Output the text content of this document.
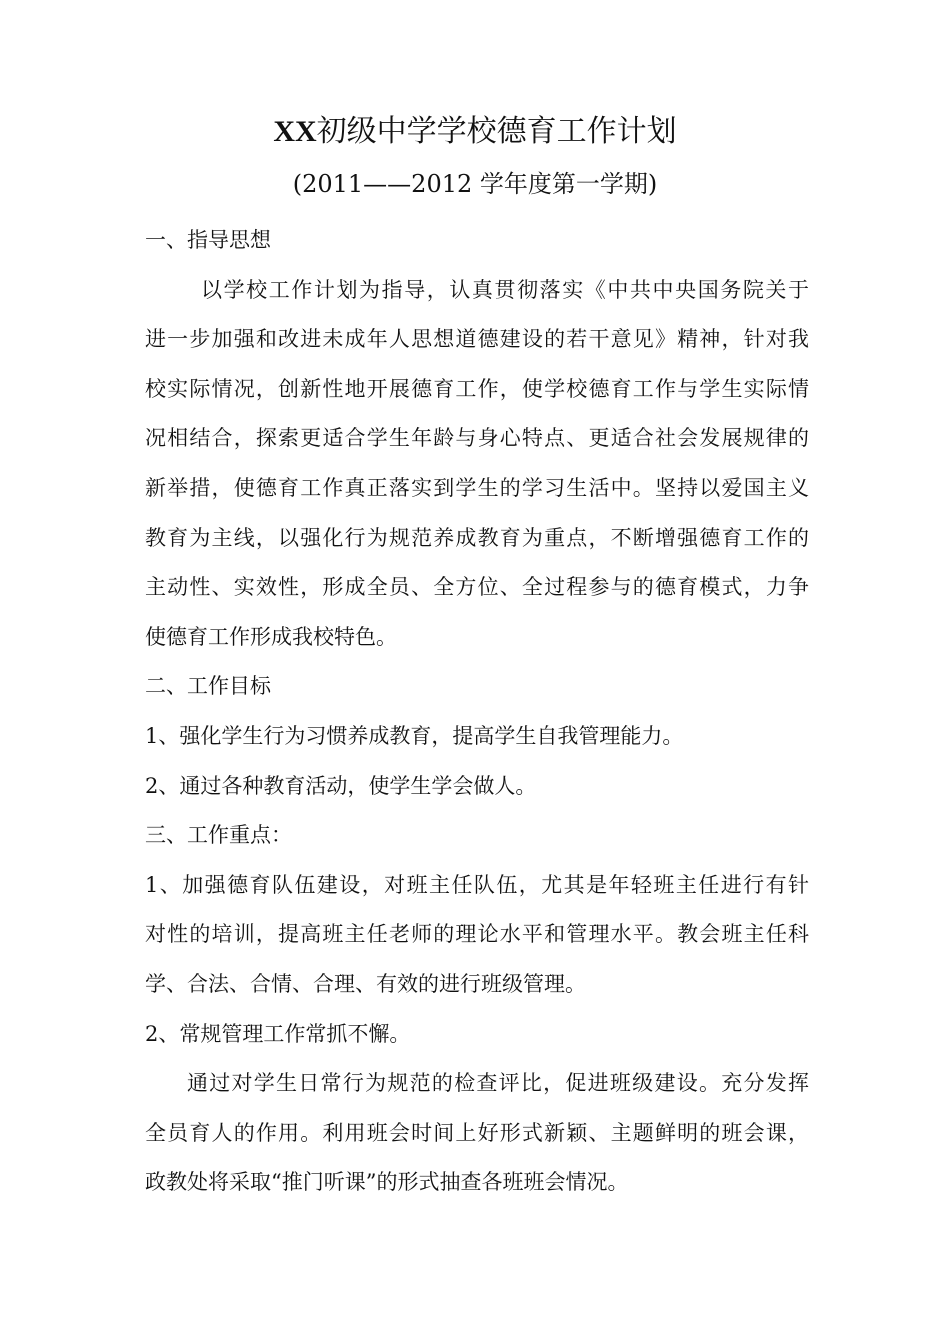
XX初级中学学校德育工作计划
(2011——2012 学年度第一学期)
一、指导思想
以学校工作计划为指导，认真贯彻落实《中共中央国务院关于
进一步加强和改进未成年人思想道德建设的若干意见》精神，针对我
校实际情况，创新性地开展德育工作，使学校德育工作与学生实际情
况相结合，探索更适合学生年龄与身心特点、更适合社会发展规律的
新举措，使德育工作真正落实到学生的学习生活中。坚持以爱国主义
教育为主线，以强化行为规范养成教育为重点，不断增强德育工作的
主动性、实效性，形成全员、全方位、全过程参与的德育模式，力争
使德育工作形成我校特色。
二、工作目标
1、强化学生行为习惯养成教育，提高学生自我管理能力。
2、通过各种教育活动，使学生学会做人。
三、工作重点：
1、加强德育队伍建设，对班主任队伍，尤其是年轻班主任进行有针
对性的培训，提高班主任老师的理论水平和管理水平。教会班主任科
学、合法、合情、合理、有效的进行班级管理。
2、常规管理工作常抓不懈。
通过对学生日常行为规范的检查评比，促进班级建设。充分发挥
全员育人的作用。利用班会时间上好形式新颖、主题鲜明的班会课，
政教处将采取“推门听课”的形式抽查各班班会情况。
